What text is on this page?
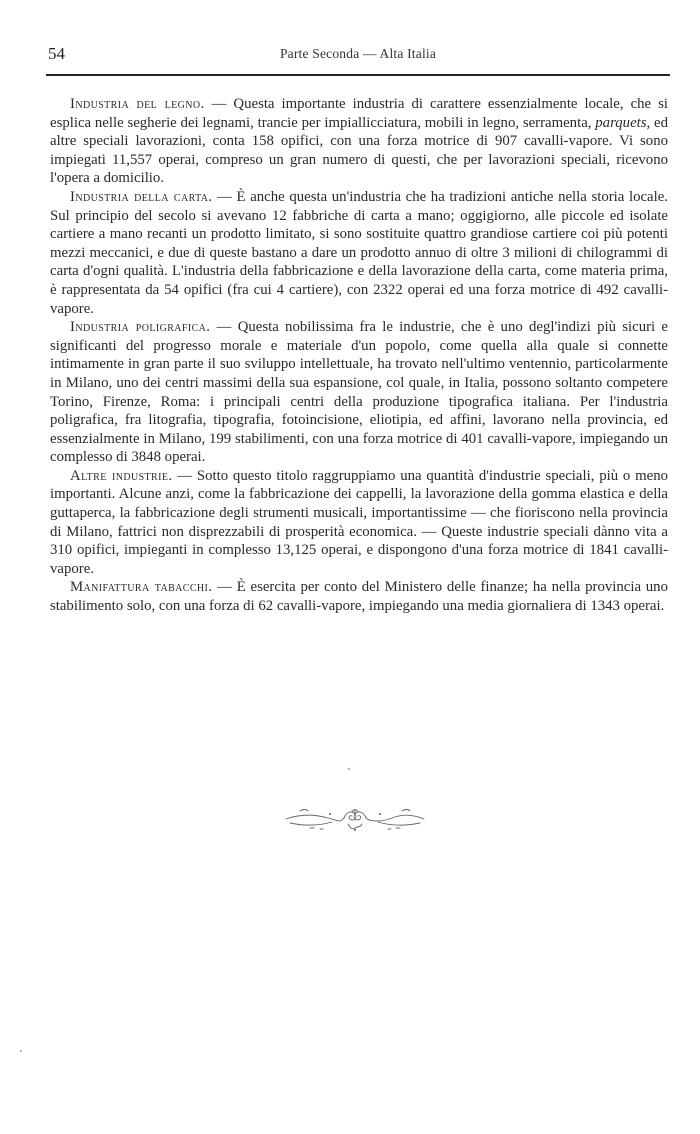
54	Parte Seconda — Alta Italia

Industria del legno. — Questa importante industria di carattere essenzialmente locale, che si esplica nelle segherie dei legnami, trancie per impiallicciatura, mobili in legno, serramenta, parquets, ed altre speciali lavorazioni, conta 158 opifici, con una forza motrice di 907 cavalli-vapore. Vi sono impiegati 11,557 operai, compreso un gran numero di questi, che per lavorazioni speciali, ricevono l'opera a domicilio.

Industria della carta. — È anche questa un'industria che ha tradizioni antiche nella storia locale. Sul principio del secolo si avevano 12 fabbriche di carta a mano; oggigiorno, alle piccole ed isolate cartiere a mano recanti un prodotto limitato, si sono sostituite quattro grandiose cartiere coi più potenti mezzi meccanici, e due di queste bastano a dare un prodotto annuo di oltre 3 milioni di chilogrammi di carta d'ogni qualità. L'industria della fabbricazione e della lavorazione della carta, come materia prima, è rappresentata da 54 opifici (fra cui 4 cartiere), con 2322 operai ed una forza motrice di 492 cavalli-vapore.

Industria poligrafica. — Questa nobilissima fra le industrie, che è uno degl'indizi più sicuri e significanti del progresso morale e materiale d'un popolo, come quella alla quale si connette intimamente in gran parte il suo sviluppo intellettuale, ha trovato nell'ultimo ventennio, particolarmente in Milano, uno dei centri massimi della sua espansione, col quale, in Italia, possono soltanto competere Torino, Firenze, Roma: i principali centri della produzione tipografica italiana. Per l'industria poligrafica, fra litografia, tipografia, fotoincisione, eliotipia, ed affini, lavorano nella provincia, ed essenzialmente in Milano, 199 stabilimenti, con una forza motrice di 401 cavalli-vapore, impiegando un complesso di 3848 operai.

Altre industrie. — Sotto questo titolo raggruppiamo una quantità d'industrie speciali, più o meno importanti. Alcune anzi, come la fabbricazione dei cappelli, la lavorazione della gomma elastica e della guttaperca, la fabbricazione degli strumenti musicali, importantissime — che fioriscono nella provincia di Milano, fattrici non disprezzabili di prosperità economica. — Queste industrie speciali dànno vita a 310 opifici, impieganti in complesso 13,125 operai, e dispongono d'una forza motrice di 1841 cavalli-vapore.

Manifattura tabacchi. — È esercita per conto del Ministero delle finanze; ha nella provincia uno stabilimento solo, con una forza di 62 cavalli-vapore, impiegando una media giornaliera di 1343 operai.
